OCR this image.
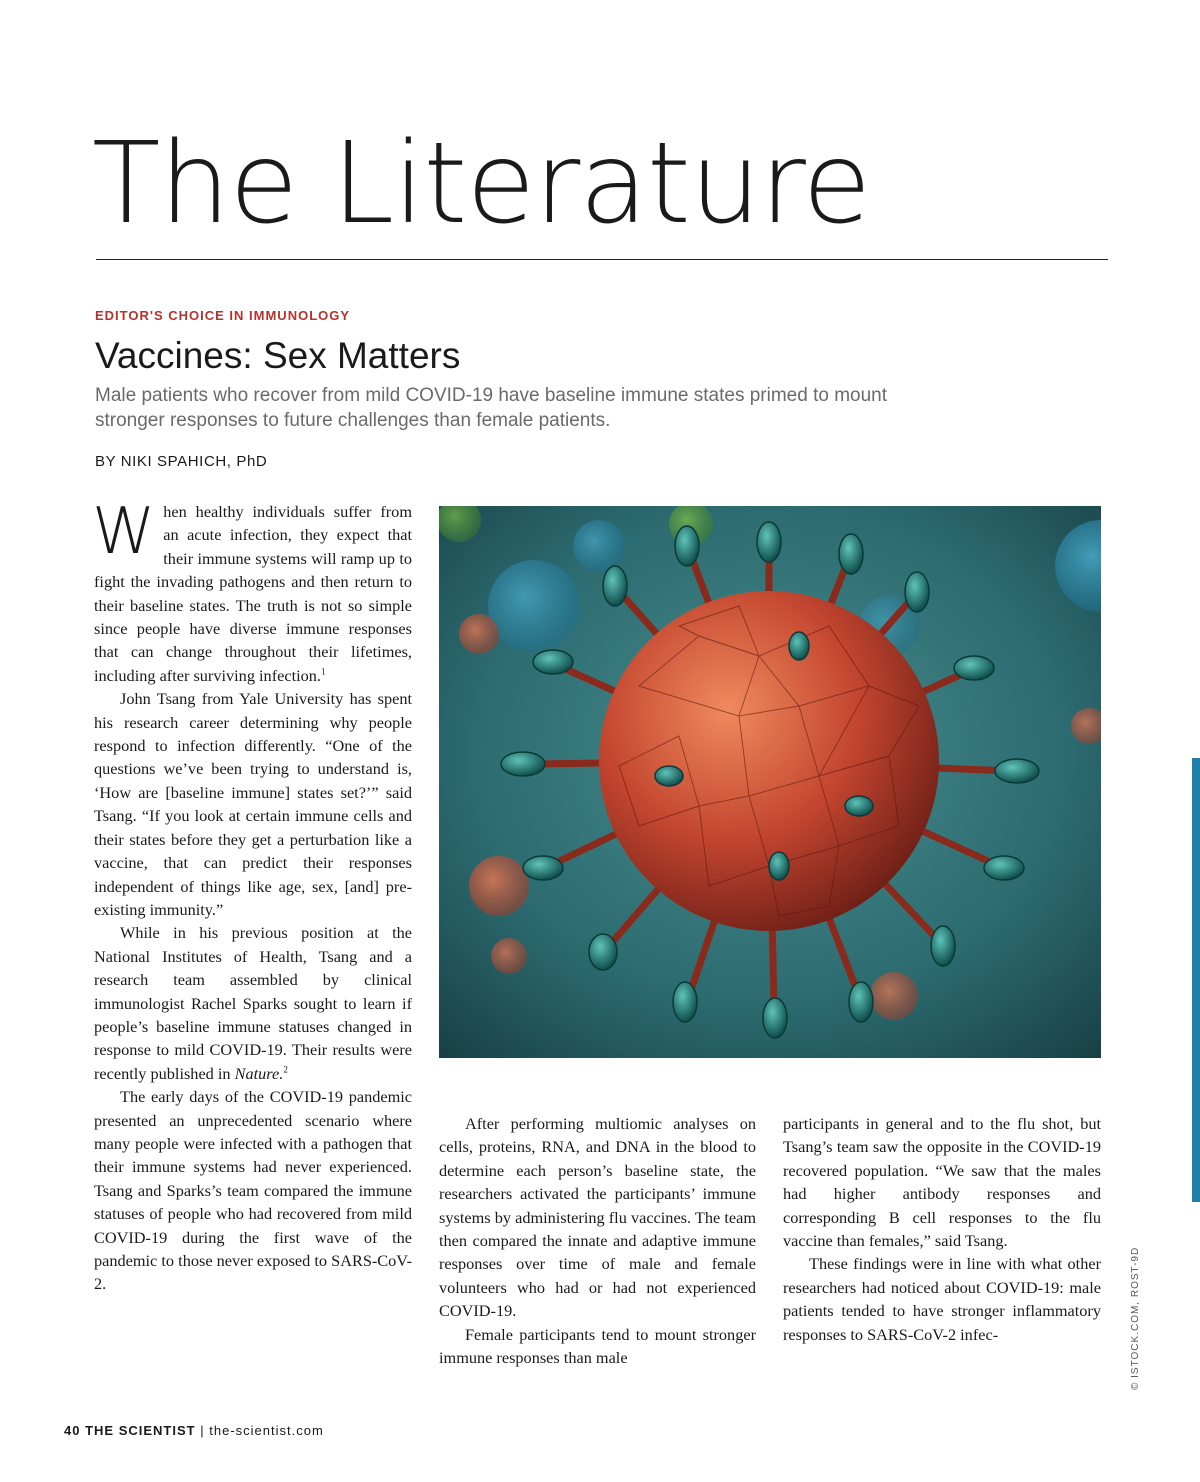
The Literature
EDITOR'S CHOICE IN IMMUNOLOGY
Vaccines: Sex Matters

Male patients who recover from mild COVID-19 have baseline immune states primed to mount stronger responses to future challenges than female patients.

BY NIKI SPAHICH, PhD

When healthy individuals suffer from an acute infection, they expect that their immune systems will ramp up to fight the invading pathogens and then return to their baseline states. The truth is not so simple since people have diverse immune responses that can change throughout their lifetimes, including after surviving infection.$^1$

John Tsang from Yale University has spent his research career determining why people respond to infection differently. “One of the questions we’ve been trying to understand is, ‘How are [baseline immune] states set?’” said Tsang. “If you look at certain immune cells and their states before they get a perturbation like a vaccine, that can predict their responses independent of things like age, sex, [and] pre-existing immunity.”

While in his previous position at the National Institutes of Health, Tsang and a research team assembled by clinical immunologist Rachel Sparks sought to learn if people’s baseline immune statuses changed in response to mild COVID-19. Their results were recently published in Nature.$^2$

The early days of the COVID-19 pandemic presented an unprecedented scenario where many people were infected with a pathogen that their immune systems had never experienced. Tsang and Sparks’s team compared the immune statuses of people who had recovered from mild COVID-19 during the first wave of the pandemic to those never exposed to SARS-CoV-2.

After performing multiomic analyses on cells, proteins, RNA, and DNA in the blood to determine each person’s baseline state, the researchers activated the participants’ immune systems by administering flu vaccines. The team then compared the innate and adaptive immune responses over time of male and female volunteers who had or had not experienced COVID-19.

Female participants tend to mount stronger immune responses than male

participants in general and to the flu shot, but Tsang’s team saw the opposite in the COVID-19 recovered population. “We saw that the males had higher antibody responses and corresponding B cell responses to the flu vaccine than females,” said Tsang.

These findings were in line with what other researchers had noticed about COVID-19: male patients tended to have stronger inflammatory responses to SARS-CoV-2 infec-	© ISTOCK.COM, ROST-9D
40 THE SCIENTIST | the-scientist.com
